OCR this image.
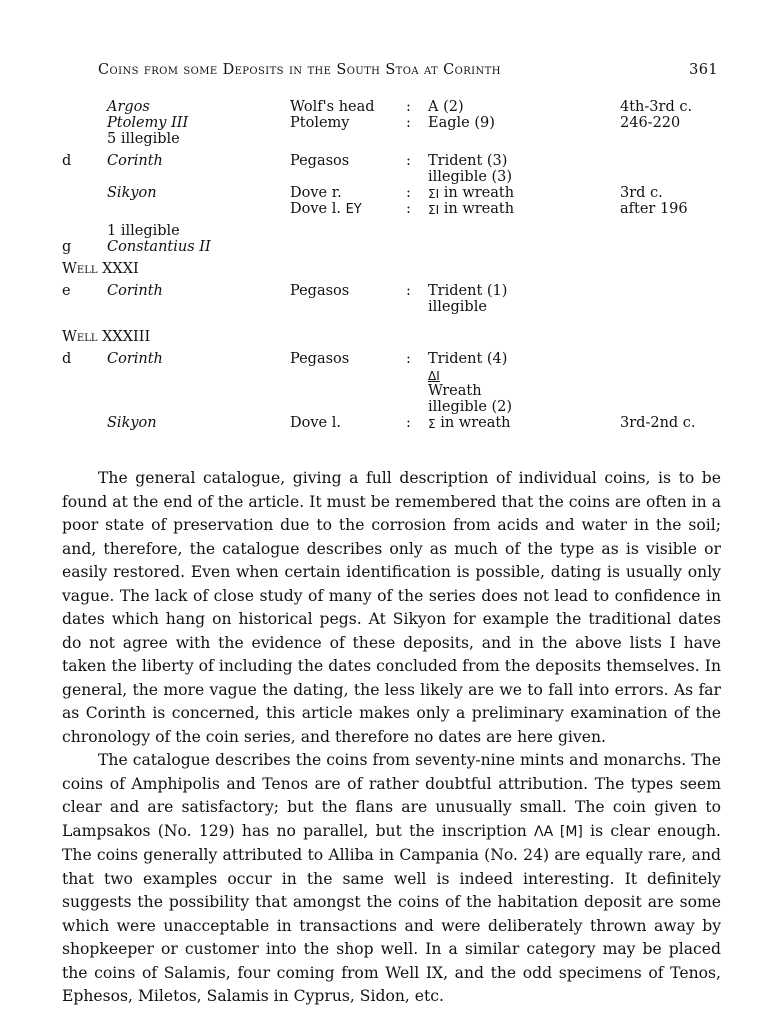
Coins from some Deposits in the South Stoa at Corinth	361
Argos	Wolf's head : A (2)	4th-3rd c.
Ptolemy III	Ptolemy	: Eagle (9)	246-220
5 illegible
d Corinth	Pegasos	: Trident (3)
illegible (3)
Sikyon	Dove r.	: ΣΙ in wreath	3rd c.
Dove l. EY	: ΣΙ in wreath	after 196
1 illegible
g Constantius II
Well XXXI
e	Corinth	Pegasos	: Trident (1)
illegible
Well XXXIII
d Corinth	Pegasos	: Trident (4)
ΔΙ
Wreath
illegible (2)
Sikyon	Dove l.	: Σ in wreath	3rd-2nd c.

The general catalogue, giving a full description of individual coins, is to be found at the end of the article. It must be remembered that the coins are often in a poor state of preservation due to the corrosion from acids and water in the soil; and, therefore, the catalogue describes only as much of the type as is visible or easily restored. Even when certain identification is possible, dating is usually only vague. The lack of close study of many of the series does not lead to confidence in dates which hang on historical pegs. At Sikyon for example the traditional dates do not agree with the evidence of these deposits, and in the above lists I have taken the liberty of including the dates concluded from the deposits themselves. In general, the more vague the dating, the less likely are we to fall into errors. As far as Corinth is concerned, this article makes only a preliminary examination of the chronology of the coin series, and therefore no dates are here given.

The catalogue describes the coins from seventy-nine mints and monarchs. The coins of Amphipolis and Tenos are of rather doubtful attribution. The types seem clear and are satisfactory; but the flans are unusually small. The coin given to Lampsakos (No. 129) has no parallel, but the inscription ΛΑ [M] is clear enough. The coins generally attributed to Alliba in Campania (No. 24) are equally rare, and that two examples occur in the same well is indeed interesting. It definitely suggests the possibility that amongst the coins of the habitation deposit are some which were unacceptable in transactions and were deliberately thrown away by shopkeeper or customer into the shop well. In a similar category may be placed the coins of Salamis, four coming from Well IX, and the odd specimens of Tenos, Ephesos, Miletos, Salamis in Cyprus, Sidon, etc.
